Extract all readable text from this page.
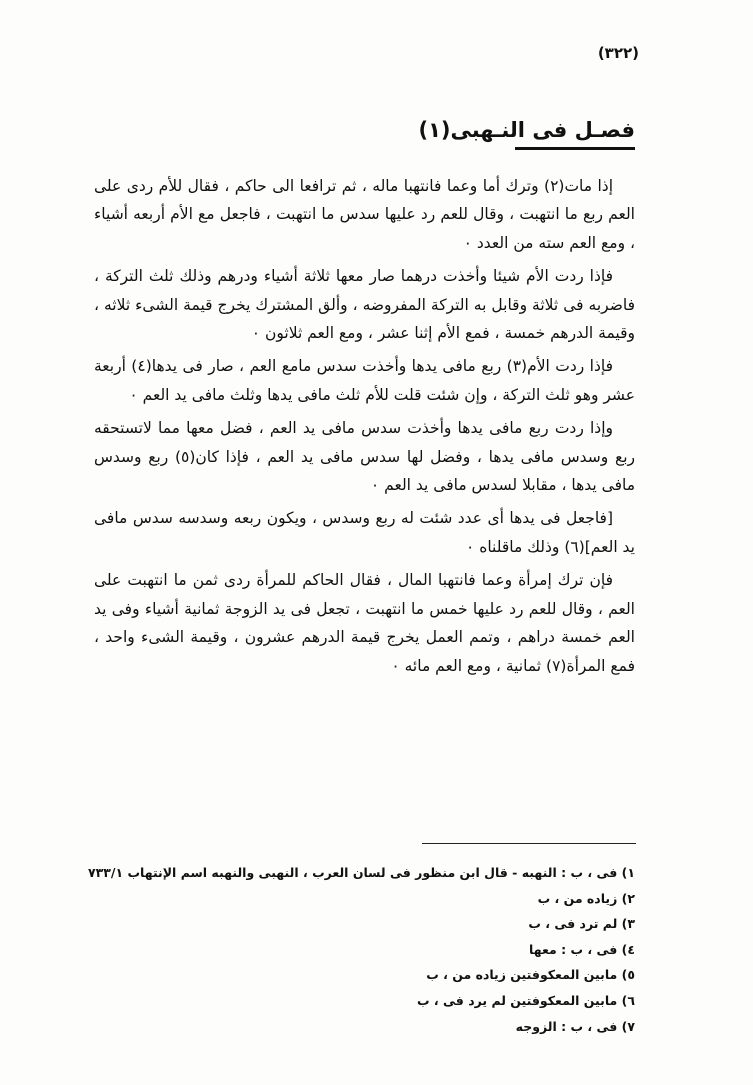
(٣٢٢)
فصـل فى النـهبى(١)

إذا مات(٢) وترك أما وعما فانتهبا ماله ، ثم ترافعا الى حاكم ، فقال للأم ردى على العم ربع ما انتهبت ، وقال للعم رد عليها سدس ما انتهبت ، فاجعل مع الأم أربعه أشياء ، ومع العم سته من العدد ٠

فإذا ردت الأم شيئا وأخذت درهما صار معها ثلاثة أشياء ودرهم وذلك ثلث التركة ، فاضربه فى ثلاثة وقابل به التركة المفروضه ، وألق المشترك يخرج قيمة الشىء ثلاثه ، وقيمة الدرهم خمسة ، فمع الأم إثنا عشر ، ومع العم ثلاثون ٠

فإذا ردت الأم(٣) ربع مافى يدها وأخذت سدس مامع العم ، صار فى يدها(٤) أربعة عشر وهو ثلث التركة ، وإن شئت قلت للأم ثلث مافى يدها وثلث مافى يد العم ٠

وإذا ردت ربع مافى يدها وأخذت سدس مافى يد العم ، فضل معها مما لاتستحقه ربع وسدس مافى يدها ، وفضل لها سدس مافى يد العم ، فإذا كان(٥) ربع وسدس مافى يدها ، مقابلا لسدس مافى يد العم ٠

[فاجعل فى يدها أى عدد شئت له ربع وسدس ، ويكون ربعه وسدسه سدس مافى يد العم](٦) وذلك ماقلناه ٠

فإن ترك إمرأة وعما فانتهبا المال ، فقال الحاكم للمرأة ردى ثمن ما انتهبت على العم ، وقال للعم رد عليها خمس ما انتهبت ، تجعل فى يد الزوجة ثمانية أشياء وفى يد العم خمسة دراهم ، وتمم العمل يخرج قيمة الدرهم عشرون ، وقيمة الشىء واحد ، فمع المرأة(٧) ثمانية ، ومع العم مائه ٠

١) فى ، ب : النهبه - قال ابن منظور فى لسان العرب ، النهبى والنهبه اسم الإنتهاب ٧٣٣/١
٢) زياده من ، ب
٣) لم ترد فى ، ب
٤) فى ، ب : معها
٥) مابين المعكوفتين زياده من ، ب
٦) مابين المعكوفتين لم يرد فى ، ب
٧) فى ، ب : الزوجه
